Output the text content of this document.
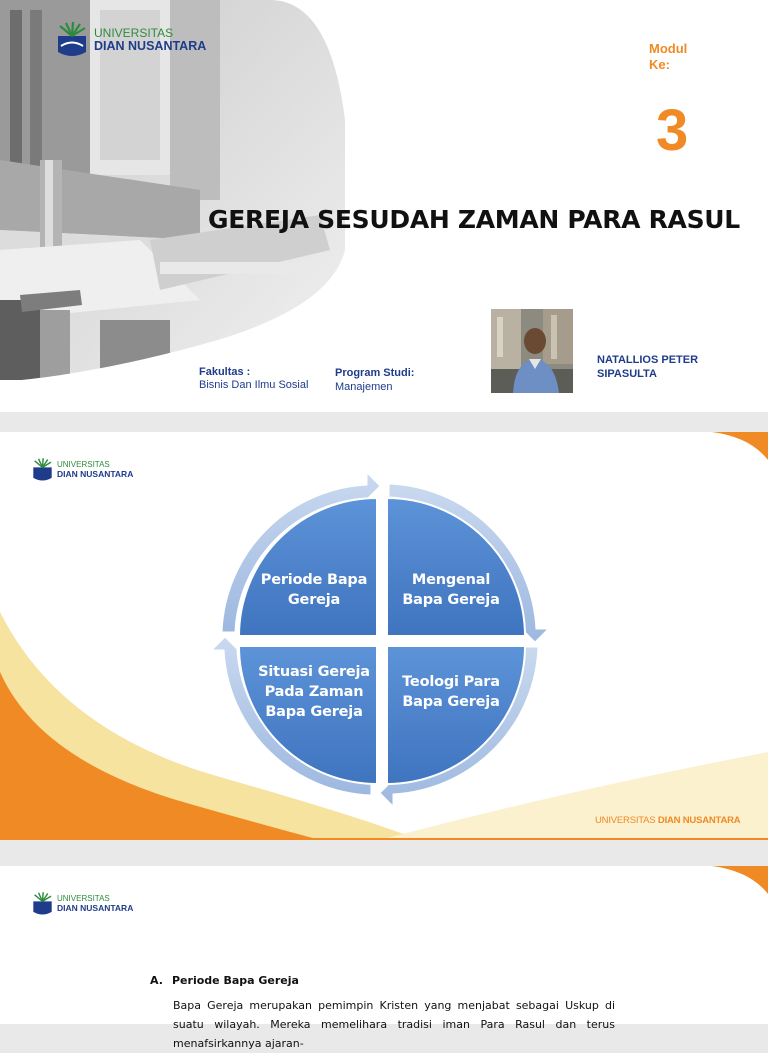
UNIVERSITAS
DIAN NUSANTARA	Modul Ke:
3
GEREJA SESUDAH ZAMAN PARA RASUL
Fakultas :
Bisnis Dan Ilmu Sosial
Program Studi:
Manajemen
NATALLIOS PETER SIPASULTA
UNIVERSITAS
DIAN NUSANTARA
Periode Bapa
Gereja
Mengenal
Bapa Gereja
Teologi Para
Bapa Gereja
Situasi Gereja
Pada Zaman
Bapa Gereja
UNIVERSITAS DIAN NUSANTARA
UNIVERSITAS
DIAN NUSANTARA
A. Periode Bapa Gereja
Bapa Gereja merupakan pemimpin Kristen yang menjabat sebagai Uskup di suatu wilayah. Mereka memelihara tradisi iman Para Rasul dan terus menafsirkannya ajaran-
